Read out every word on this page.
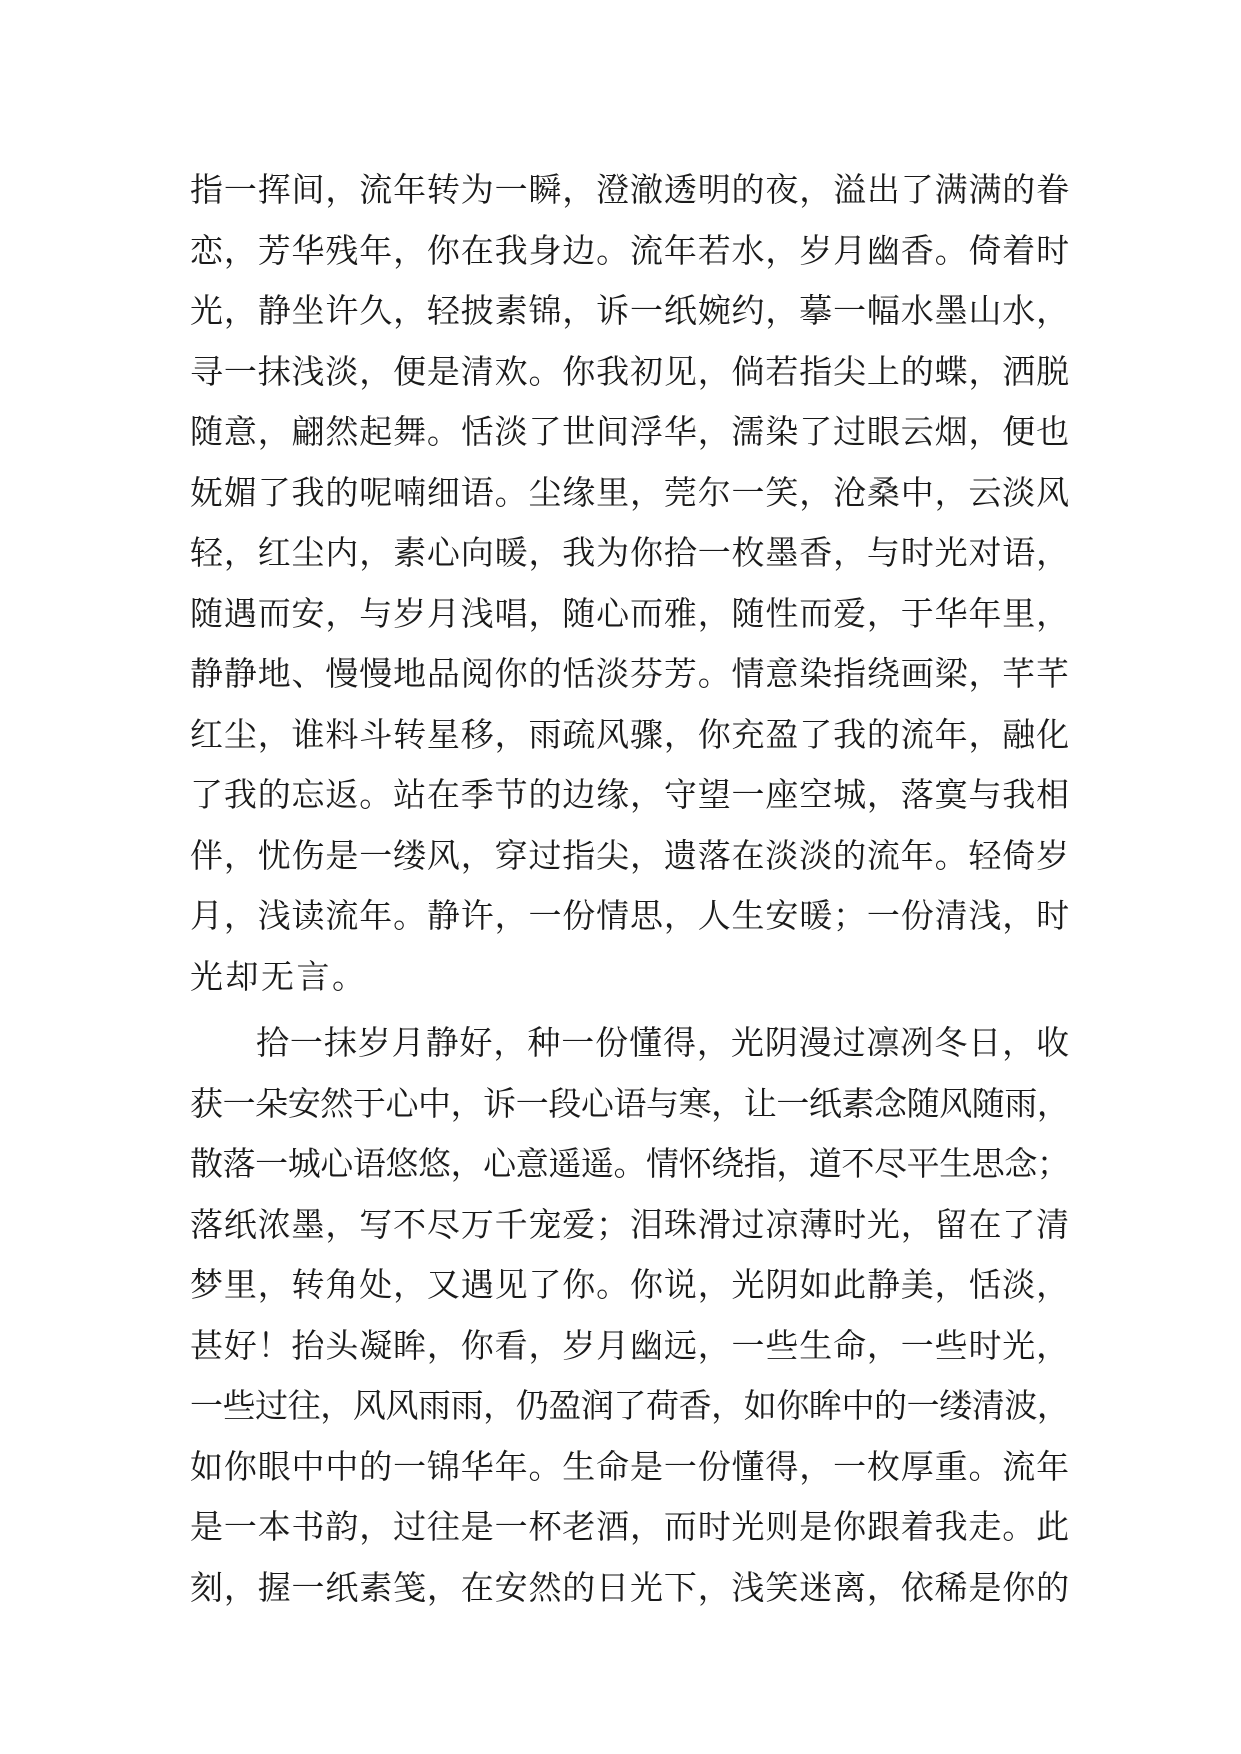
指一挥间，流年转为一瞬，澄澈透明的夜，溢出了满满的眷
恋，芳华残年，你在我身边。流年若水，岁月幽香。倚着时
光，静坐许久，轻披素锦，诉一纸婉约，摹一幅水墨山水，
寻一抹浅淡，便是清欢。你我初见，倘若指尖上的蝶，洒脱
随意，翩然起舞。恬淡了世间浮华，濡染了过眼云烟，便也
妩媚了我的呢喃细语。尘缘里，莞尔一笑，沧桑中，云淡风
轻，红尘内，素心向暖，我为你拾一枚墨香，与时光对语，
随遇而安，与岁月浅唱，随心而雅，随性而爱，于华年里，
静静地、慢慢地品阅你的恬淡芬芳。情意染指绕画梁，芊芊
红尘，谁料斗转星移，雨疏风骤，你充盈了我的流年，融化
了我的忘返。站在季节的边缘，守望一座空城，落寞与我相
伴，忧伤是一缕风，穿过指尖，遗落在淡淡的流年。轻倚岁
月，浅读流年。静许，一份情思，人生安暖；一份清浅，时
光却无言。
拾一抹岁月静好，种一份懂得，光阴漫过凛冽冬日，收
获一朵安然于心中，诉一段心语与寒，让一纸素念随风随雨，
散落一城心语悠悠，心意遥遥。情怀绕指，道不尽平生思念；
落纸浓墨，写不尽万千宠爱；泪珠滑过凉薄时光，留在了清
梦里，转角处，又遇见了你。你说，光阴如此静美，恬淡，
甚好！抬头凝眸，你看，岁月幽远，一些生命，一些时光，
一些过往，风风雨雨，仍盈润了荷香，如你眸中的一缕清波，
如你眼中中的一锦华年。生命是一份懂得，一枚厚重。流年
是一本书韵，过往是一杯老酒，而时光则是你跟着我走。此
刻，握一纸素笺，在安然的日光下，浅笑迷离，依稀是你的
